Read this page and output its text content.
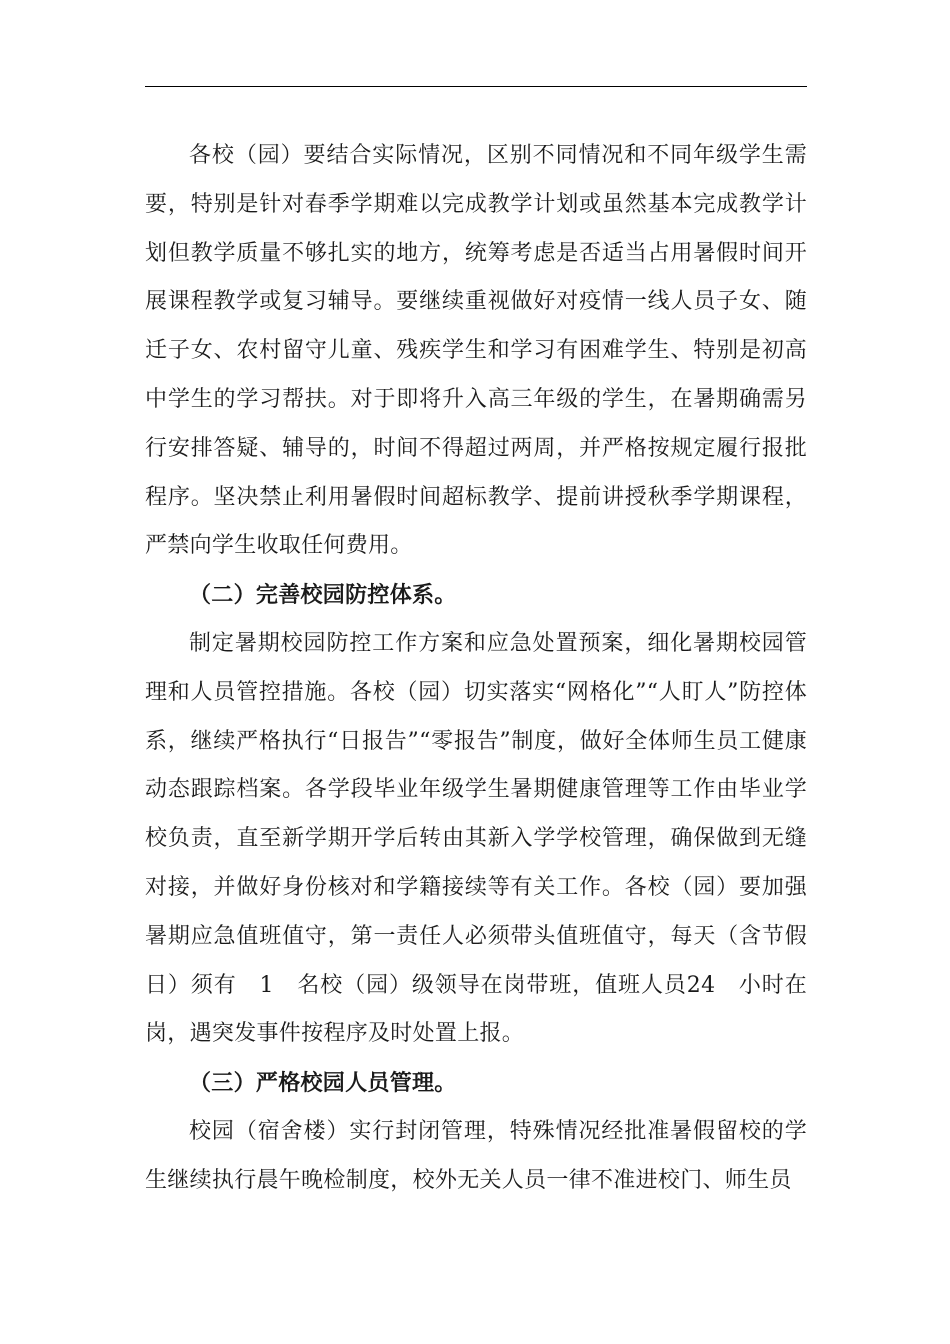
各校（园）要结合实际情况，区别不同情况和不同年级学生需要，特别是针对春季学期难以完成教学计划或虽然基本完成教学计划但教学质量不够扎实的地方，统筹考虑是否适当占用暑假时间开展课程教学或复习辅导。要继续重视做好对疫情一线人员子女、随迁子女、农村留守儿童、残疾学生和学习有困难学生、特别是初高中学生的学习帮扶。对于即将升入高三年级的学生，在暑期确需另行安排答疑、辅导的，时间不得超过两周，并严格按规定履行报批程序。坚决禁止利用暑假时间超标教学、提前讲授秋季学期课程，严禁向学生收取任何费用。

（二）完善校园防控体系。

制定暑期校园防控工作方案和应急处置预案，细化暑期校园管理和人员管控措施。各校（园）切实落实“网格化”“人盯人”防控体系，继续严格执行“日报告”“零报告”制度，做好全体师生员工健康动态跟踪档案。各学段毕业年级学生暑期健康管理等工作由毕业学校负责，直至新学期开学后转由其新入学学校管理，确保做到无缝对接，并做好身份核对和学籍接续等有关工作。各校（园）要加强暑期应急值班值守，第一责任人必须带头值班值守，每天（含节假日）须有　1　名校（园）级领导在岗带班，值班人员24　小时在岗，遇突发事件按程序及时处置上报。

（三）严格校园人员管理。

校园（宿舍楼）实行封闭管理，特殊情况经批准暑假留校的学生继续执行晨午晚检制度，校外无关人员一律不准进校门、师生员
